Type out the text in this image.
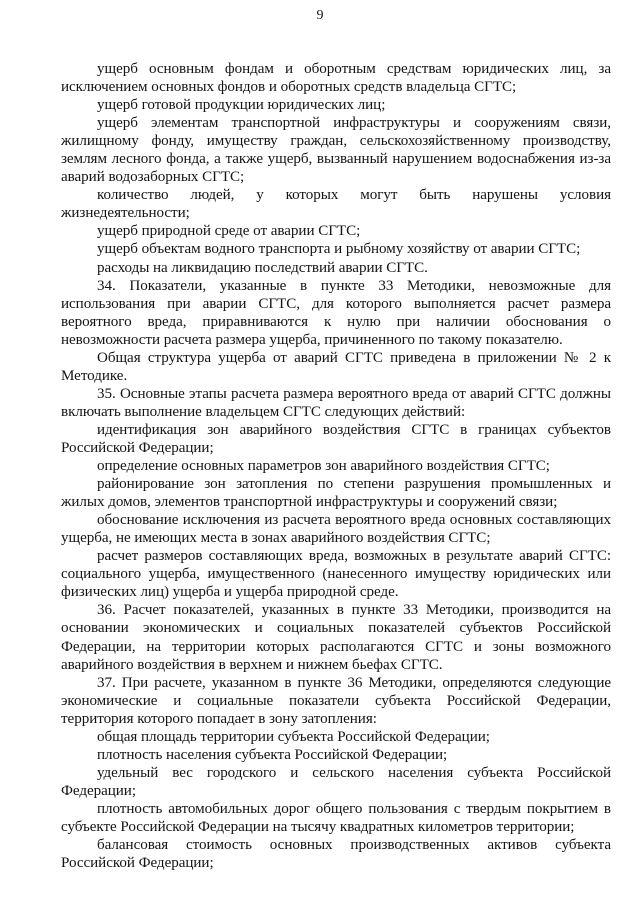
9

ущерб основным фондам и оборотным средствам юридических лиц, за исключением основных фондов и оборотных средств владельца СГТС;

ущерб готовой продукции юридических лиц;

ущерб элементам транспортной инфраструктуры и сооружениям связи, жилищному фонду, имуществу граждан, сельскохозяйственному производству, землям лесного фонда, а также ущерб, вызванный нарушением водоснабжения из-за аварий водозаборных СГТС;

количество людей, у которых могут быть нарушены условия жизнедеятельности;

ущерб природной среде от аварии СГТС;

ущерб объектам водного транспорта и рыбному хозяйству от аварии СГТС;

расходы на ликвидацию последствий аварии СГТС.

34. Показатели, указанные в пункте 33 Методики, невозможные для использования при аварии СГТС, для которого выполняется расчет размера вероятного вреда, приравниваются к нулю при наличии обоснования о невозможности расчета размера ущерба, причиненного по такому показателю.

Общая структура ущерба от аварий СГТС приведена в приложении № 2 к Методике.

35. Основные этапы расчета размера вероятного вреда от аварий СГТС должны включать выполнение владельцем СГТС следующих действий:

идентификация зон аварийного воздействия СГТС в границах субъектов Российской Федерации;

определение основных параметров зон аварийного воздействия СГТС;

районирование зон затопления по степени разрушения промышленных и жилых домов, элементов транспортной инфраструктуры и сооружений связи;

обоснование исключения из расчета вероятного вреда основных составляющих ущерба, не имеющих места в зонах аварийного воздействия СГТС;

расчет размеров составляющих вреда, возможных в результате аварий СГТС: социального ущерба, имущественного (нанесенного имуществу юридических или физических лиц) ущерба и ущерба природной среде.

36. Расчет показателей, указанных в пункте 33 Методики, производится на основании экономических и социальных показателей субъектов Российской Федерации, на территории которых располагаются СГТС и зоны возможного аварийного воздействия в верхнем и нижнем бьефах СГТС.

37. При расчете, указанном в пункте 36 Методики, определяются следующие экономические и социальные показатели субъекта Российской Федерации, территория которого попадает в зону затопления:

общая площадь территории субъекта Российской Федерации;

плотность населения субъекта Российской Федерации;

удельный вес городского и сельского населения субъекта Российской Федерации;

плотность автомобильных дорог общего пользования с твердым покрытием в субъекте Российской Федерации на тысячу квадратных километров территории;

балансовая стоимость основных производственных активов субъекта Российской Федерации;
